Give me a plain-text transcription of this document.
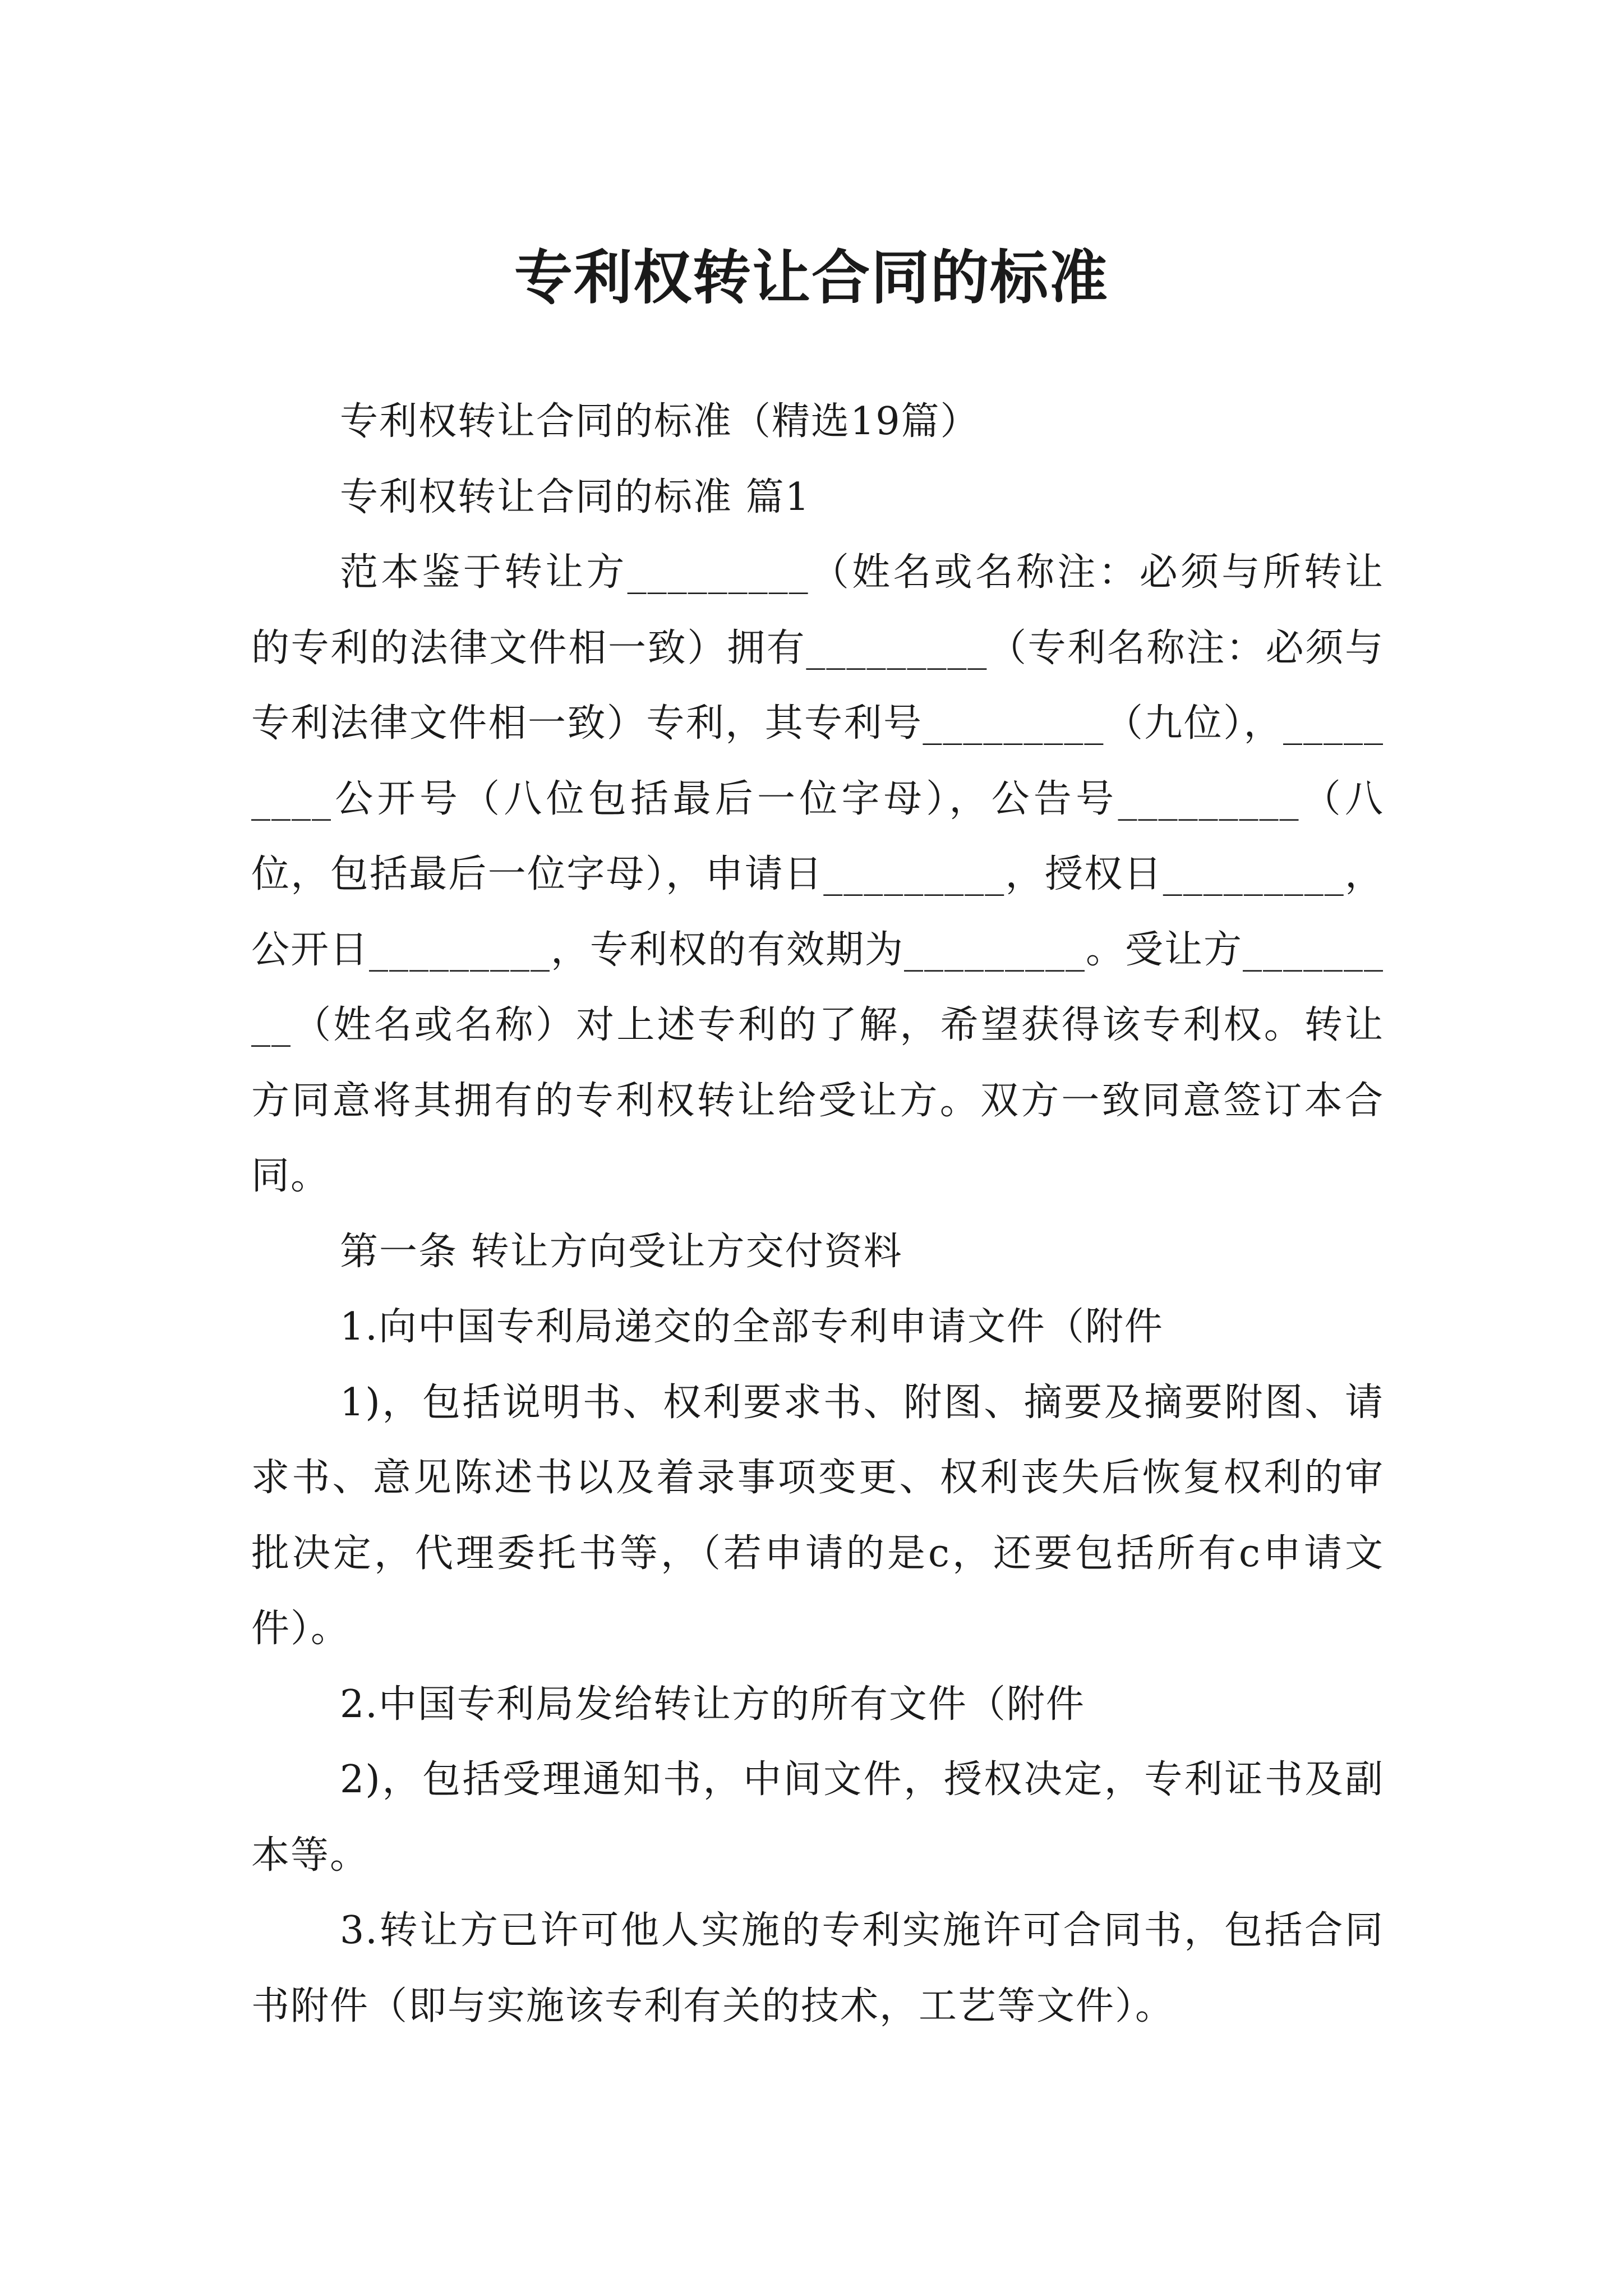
专利权转让合同的标准

专利权转让合同的标准（精选19篇）

专利权转让合同的标准 篇1

范本鉴于转让方_________（姓名或名称注：必须与所转让的专利的法律文件相一致）拥有_________（专利名称注：必须与专利法律文件相一致）专利，其专利号_________（九位），_________公开号（八位包括最后一位字母），公告号_________（八位，包括最后一位字母），申请日_________，授权日_________，公开日_________，专利权的有效期为_________。受让方_________（姓名或名称）对上述专利的了解，希望获得该专利权。转让方同意将其拥有的专利权转让给受让方。双方一致同意签订本合同。

第一条 转让方向受让方交付资料

1.向中国专利局递交的全部专利申请文件（附件

1)，包括说明书、权利要求书、附图、摘要及摘要附图、请求书、意见陈述书以及着录事项变更、权利丧失后恢复权利的审批决定，代理委托书等，（若申请的是c，还要包括所有c申请文件）。

2.中国专利局发给转让方的所有文件（附件

2)，包括受理通知书，中间文件，授权决定，专利证书及副本等。

3.转让方已许可他人实施的专利实施许可合同书，包括合同书附件（即与实施该专利有关的技术，工艺等文件）。
